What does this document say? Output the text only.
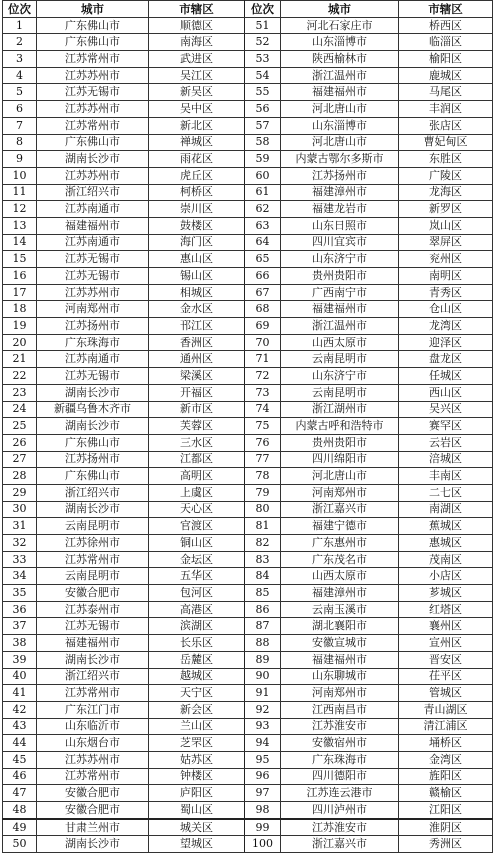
位次	城市	市辖区	位次	城市	市辖区
1	广东佛山市	顺德区	51	河北石家庄市	桥西区
2	广东佛山市	南海区	52	山东淄博市	临淄区
3	江苏常州市	武进区	53	陕西榆林市	榆阳区
4	江苏苏州市	吴江区	54	浙江温州市	鹿城区
5	江苏无锡市	新吴区	55	福建福州市	马尾区
6	江苏苏州市	吴中区	56	河北唐山市	丰润区
7	江苏常州市	新北区	57	山东淄博市	张店区
8	广东佛山市	禅城区	58	河北唐山市	曹妃甸区
9	湖南长沙市	雨花区	59	内蒙古鄂尔多斯市	东胜区
10	江苏苏州市	虎丘区	60	江苏扬州市	广陵区
11	浙江绍兴市	柯桥区	61	福建漳州市	龙海区
12	江苏南通市	崇川区	62	福建龙岩市	新罗区
13	福建福州市	鼓楼区	63	山东日照市	岚山区
14	江苏南通市	海门区	64	四川宜宾市	翠屏区
15	江苏无锡市	惠山区	65	山东济宁市	兖州区
16	江苏无锡市	锡山区	66	贵州贵阳市	南明区
17	江苏苏州市	相城区	67	广西南宁市	青秀区
18	河南郑州市	金水区	68	福建福州市	仓山区
19	江苏扬州市	邗江区	69	浙江温州市	龙湾区
20	广东珠海市	香洲区	70	山西太原市	迎泽区
21	江苏南通市	通州区	71	云南昆明市	盘龙区
22	江苏无锡市	梁溪区	72	山东济宁市	任城区
23	湖南长沙市	开福区	73	云南昆明市	西山区
24	新疆乌鲁木齐市	新市区	74	浙江湖州市	吴兴区
25	湖南长沙市	芙蓉区	75	内蒙古呼和浩特市	赛罕区
26	广东佛山市	三水区	76	贵州贵阳市	云岩区
27	江苏扬州市	江都区	77	四川绵阳市	涪城区
28	广东佛山市	高明区	78	河北唐山市	丰南区
29	浙江绍兴市	上虞区	79	河南郑州市	二七区
30	湖南长沙市	天心区	80	浙江嘉兴市	南湖区
31	云南昆明市	官渡区	81	福建宁德市	蕉城区
32	江苏徐州市	铜山区	82	广东惠州市	惠城区
33	江苏常州市	金坛区	83	广东茂名市	茂南区
34	云南昆明市	五华区	84	山西太原市	小店区
35	安徽合肥市	包河区	85	福建漳州市	芗城区
36	江苏泰州市	高港区	86	云南玉溪市	红塔区
37	江苏无锡市	滨湖区	87	湖北襄阳市	襄州区
38	福建福州市	长乐区	88	安徽宣城市	宣州区
39	湖南长沙市	岳麓区	89	福建福州市	晋安区
40	浙江绍兴市	越城区	90	山东聊城市	茌平区
41	江苏常州市	天宁区	91	河南郑州市	管城区
42	广东江门市	新会区	92	江西南昌市	青山湖区
43	山东临沂市	兰山区	93	江苏淮安市	清江浦区
44	山东烟台市	芝罘区	94	安徽宿州市	埇桥区
45	江苏苏州市	姑苏区	95	广东珠海市	金湾区
46	江苏常州市	钟楼区	96	四川德阳市	旌阳区
47	安徽合肥市	庐阳区	97	江苏连云港市	赣榆区
48	安徽合肥市	蜀山区	98	四川泸州市	江阳区
49	甘肃兰州市	城关区	99	江苏淮安市	淮阴区
50	湖南长沙市	望城区	100	浙江嘉兴市	秀洲区
